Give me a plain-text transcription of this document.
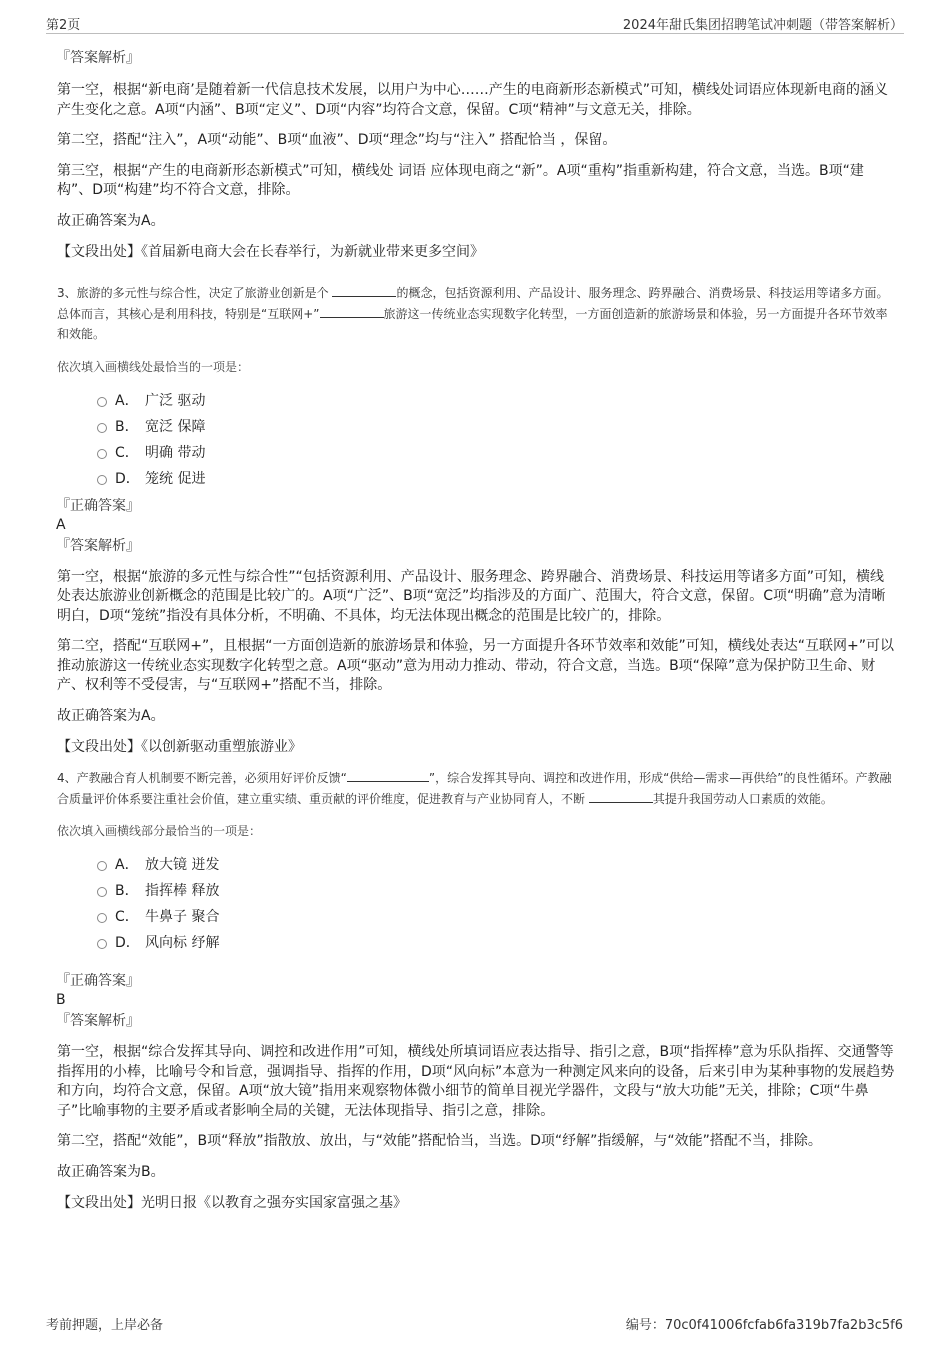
第2页	2024年甜氏集团招聘笔试冲刺题（带答案解析）

『答案解析』

第一空，根据“新电商’是随着新一代信息技术发展，以用户为中心……产生的电商新形态新模式”可知，横线处词语应体现新电商的涵义产生变化之意。A项“内涵”、B项“定义”、D项“内容”均符合文意，保留。C项“精神”与文意无关，排除。

第二空，搭配“注入”，A项“动能”、B项“血液”、D项“理念”均与“注入” 搭配恰当 ，保留。

第三空，根据“产生的电商新形态新模式”可知，横线处 词语 应体现电商之“新”。A项“重构”指重新构建，符合文意，当选。B项“建构”、D项“构建”均不符合文意，排除。

故正确答案为A。

【文段出处】《首届新电商大会在长春举行，为新就业带来更多空间》

3、旅游的多元性与综合性，决定了旅游业创新是个	的概念，包括资源利用、产品设计、服务理念、跨界融合、消费场景、科技运用等诸多方面。总体而言，其核心是利用科技，特别是“互联网+”	旅游这一传统业态实现数字化转型，一方面创造新的旅游场景和体验，另一方面提升各环节效率和效能。

依次填入画横线处最恰当的一项是：

A． 广泛 驱动
B． 宽泛 保障
C． 明确 带动
D． 笼统 促进

『正确答案』

A

『答案解析』

第一空，根据“旅游的多元性与综合性”“包括资源利用、产品设计、服务理念、跨界融合、消费场景、科技运用等诸多方面”可知，横线处表达旅游业创新概念的范围是比较广的。A项“广泛”、B项“宽泛”均指涉及的方面广、范围大，符合文意，保留。C项“明确”意为清晰明白，D项“笼统”指没有具体分析，不明确、不具体，均无法体现出概念的范围是比较广的，排除。

第二空，搭配“互联网+”，且根据“一方面创造新的旅游场景和体验，另一方面提升各环节效率和效能”可知，横线处表达“互联网+”可以推动旅游这一传统业态实现数字化转型之意。A项“驱动”意为用动力推动、带动，符合文意，当选。B项“保障”意为保护防卫生命、财产、权利等不受侵害，与“互联网+”搭配不当，排除。

故正确答案为A。

【文段出处】《以创新驱动重塑旅游业》

4、产教融合育人机制要不断完善，必须用好评价反馈“	”，综合发挥其导向、调控和改进作用，形成“供给—需求—再供给”的良性循环。产教融合质量评价体系要注重社会价值，建立重实绩、重贡献的评价维度，促进教育与产业协同育人，不断	其提升我国劳动人口素质的效能。

依次填入画横线部分最恰当的一项是：

A． 放大镜 迸发
B． 指挥棒 释放
C． 牛鼻子 聚合
D． 风向标 纾解

『正确答案』

B

『答案解析』

第一空，根据“综合发挥其导向、调控和改进作用”可知，横线处所填词语应表达指导、指引之意，B项“指挥棒”意为乐队指挥、交通警等指挥用的小棒，比喻号令和旨意，强调指导、指挥的作用，D项“风向标”本意为一种测定风来向的设备，后来引申为某种事物的发展趋势和方向，均符合文意，保留。A项“放大镜”指用来观察物体微小细节的简单目视光学器件，文段与“放大功能”无关，排除；C项“牛鼻子”比喻事物的主要矛盾或者影响全局的关键，无法体现指导、指引之意，排除。

第二空，搭配“效能”，B项“释放”指散放、放出，与“效能”搭配恰当，当选。D项“纾解”指缓解，与“效能”搭配不当，排除。

故正确答案为B。

【文段出处】光明日报《以教育之强夯实国家富强之基》

考前押题，上岸必备	编号：70c0f41006fcfab6fa319b7fa2b3c5f6
